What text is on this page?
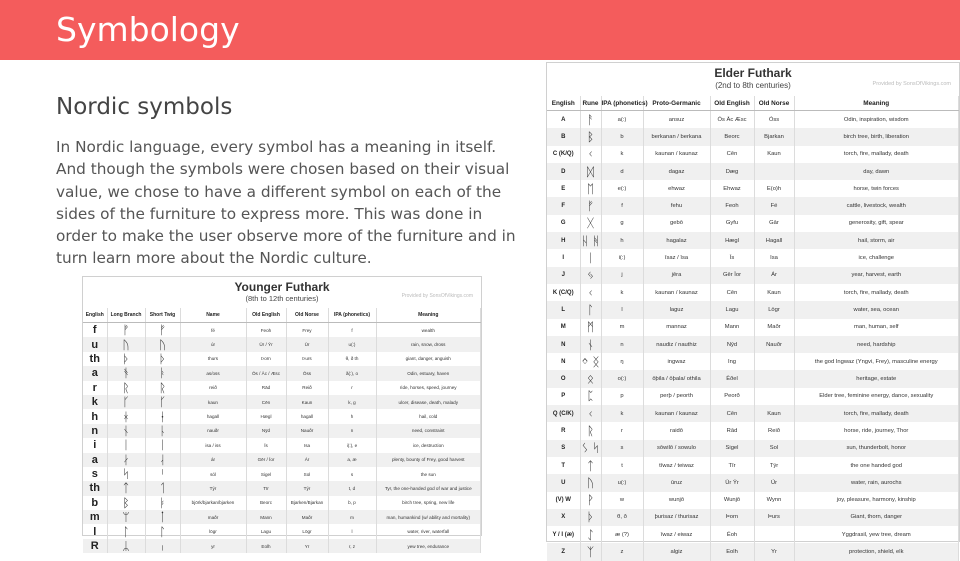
Symbology
Nordic symbols

In Nordic language, every symbol has a meaning in itself. And though the symbols were chosen based on their visual value, we chose to have a different symbol on each of the sides of the furniture to express more. This was done in order to make the user observe more of the furniture and in turn learn more about the Nordic culture.

Younger Futhark
(8th to 12th centuries)	Provided by SonsOfVikings.com
English	Long Branch	Short Twig	Name	Old English	Old Norse	IPA (phonetics)	Meaning
f	ᚠ	ᚠ	fé	Feoh	Frey	f	wealth
u	ᚢ	ᚢ	úr	Ūr / Ȳr	Ūr	u(:)	rain, snow, dross
th	ᚦ	ᚦ	thurs	Þorn	Þurs	θ, ð th	giant, danger, anguish
a	ᚬ	ᚭ	as/oss	Ōs / Āc / Æsc	Ōss	ã(:), o	Odin, estuary, haven
r	ᚱ	ᚱ	reið	Rād	Reið	r	ride, horses, speed, journey
k	ᚴ	ᚴ	kaun	Cēn	Kaun	k, g	ulcer, disease, death, malady
h	ᚼ	ᚽ	hagall	Hægl	hagall	h	hail, cold
n	ᚾ	ᚿ	nauðr	Nȳd	Nauðr	n	need, constraint
i	ᛁ	ᛁ	isa / iss	Īs	Isa	i(:), e	ice, destruction
a	ᛅ	ᛆ	ár	Gēr / Īor	Ár	a, æ	plenty, bounty of Frey, good harvest
s	ᛋ	ᛌ	sól	Sigel	Sol	s	the sun
th	ᛏ	ᛐ	Týr	Tīr	Týr	t, d	Tyr, the one-handed god of war and justice
b	ᛒ	ᛓ	björk/bjarkan/bjarken	Beorc	Bjarken/Bjarkan	b, p	birch tree, spring, new life
m	ᛘ	ᛙ	maðr	Mann	Maðr	m	man, humankind (w/ ability and mortality)
l	ᛚ	ᛚ	lögr	Lagu	Lögr	l	water, river, waterfall
R	ᛦ	ᛧ	yr	Eolh	Yr	r, z	yew tree, endurance
Elder Futhark
(2nd to 8th centuries)	Provided by SonsOfVikings.com
English	Rune	IPA (phonetics)	Proto-Germanic	Old English	Old Norse	Meaning
A	ᚨ	a(:)	ansuz	Ōs Āc Æsc	Óss	Odin, inspiration, wisdom
B	ᛒ	b	berkanan / berkana	Beorc	Bjarkan	birch tree, birth, liberation
C (K/Q)	ᚲ	k	kaunan / kaunaz	Cēn	Kaun	torch, fire, mallady, death
D	ᛞ	d	dagaz	Dæg		day, dawn
E	ᛖ	e(:)	ehwaz	Ehwaz	E(o)h	horse, twin forces
F	ᚠ	f	fehu	Feoh	Fé	cattle, livestock, wealth
G	ᚷ	g	gebō	Gyfu	Gār	generosity, gift, spear
H	ᚺ ᚻ	h	hagalaz	Hægl	Hagall	hail, storm, air
I	ᛁ	i(:)	īsaz / īsa	Īs	Isa	ice, challenge
J	ᛃ	j	jēra	Gēr Īor	Ár	year, harvest, earth
K (C/Q)	ᚲ	k	kaunan / kaunaz	Cēn	Kaun	torch, fire, mallady, death
L	ᛚ	l	laguz	Lagu	Lögr	water, sea, ocean
M	ᛗ	m	mannaz	Mann	Maðr	man, human, self
N	ᚾ	n	naudiz / nauthiz	Nȳd	Nauðr	need, hardship
N	ᛜ ᛝ	ŋ	ingwaz	Ing		the god Ingwaz (Yngvi, Frey), masculine energy
O	ᛟ	o(:)	ōþila / ōþala/ othila	Ēðel		heritage, estate
P	ᛈ	p	perþ / peorth	Peorð		Elder tree, feminine energy, dance, sexuality
Q (C/K)	ᚲ	k	kaunan / kaunaz	Cēn	Kaun	torch, fire, mallady, death
R	ᚱ	r	raidō	Rād	Reið	horse, ride, journey, Thor
S	ᛊ ᛋ	s	sōwilō / sowulo	Sigel	Sol	sun, thunderbolt, honor
T	ᛏ	t	tīwaz / teiwaz	Tīr	Týr	the one handed god
U	ᚢ	u(:)	ūruz	Ūr Ȳr	Úr	water, rain, aurochs
(V) W	ᚹ	w	wunjō	Wunjō	Wynn	joy, pleasure, harmony, kinship
X	ᚦ	θ, ð	þurisaz / thurisaz	Þorn	Þurs	Giant, thorn, danger
Y / I (æ)	ᛇ	æ (?)	īwaz / eiwaz	Ēoh		Yggdrasil, yew tree, dream
Z	ᛉ	z	algiz	Eolh	Yr	protection, shield, elk
